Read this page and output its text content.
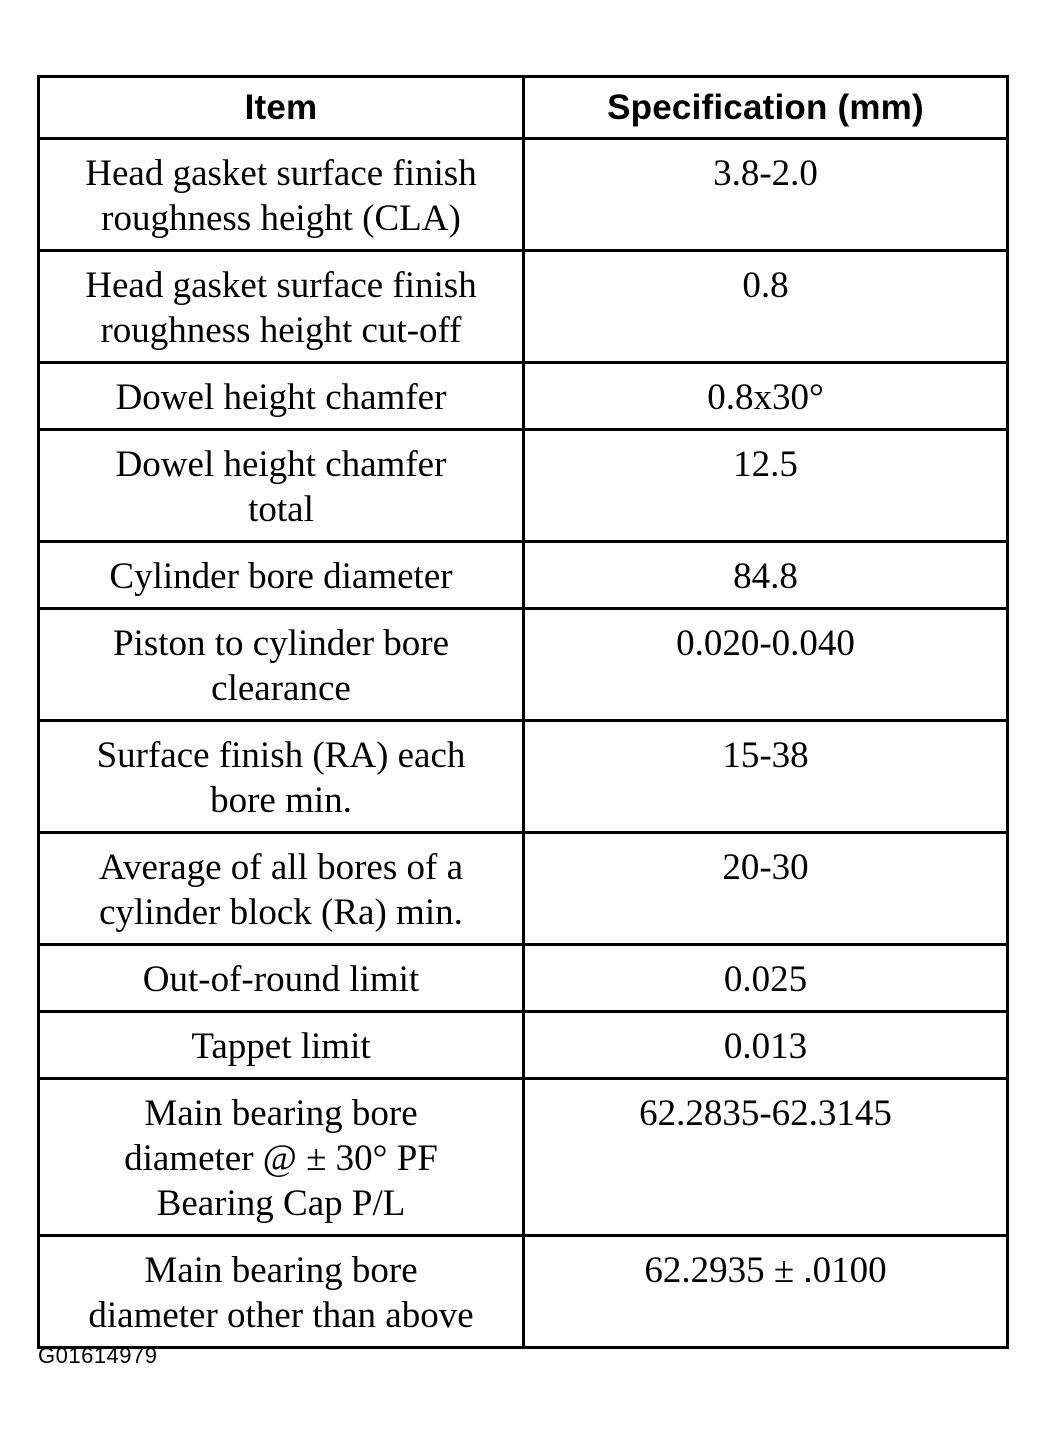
Item	Specification (mm)
Head gasket surface finish
roughness height (CLA)	3.8-2.0
Head gasket surface finish
roughness height cut-off	0.8
Dowel height chamfer	0.8x30°
Dowel height chamfer
total	12.5
Cylinder bore diameter	84.8
Piston to cylinder bore
clearance	0.020-0.040
Surface finish (RA) each
bore min.	15-38
Average of all bores of a
cylinder block (Ra) min.	20-30
Out-of-round limit	0.025
Tappet limit	0.013
Main bearing bore
diameter @ ± 30° PF
Bearing Cap P/L	62.2835-62.3145
Main bearing bore
diameter other than above	62.2935 ± .0100
G01614979
